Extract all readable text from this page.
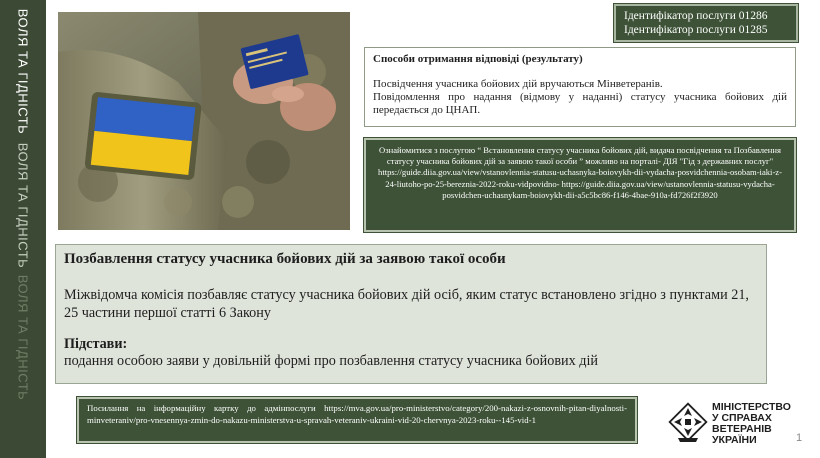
ВОЛЯ ТА ГІДНІСТЬ
ВОЛЯ ТА ГІДНІСТЬ
ВОЛЯ ТА ГІДНІСТЬ
Ідентифікатор послуги 01286
Ідентифікатор послуги 01285
Способи отримання відповіді (результату)

Посвідчення учасника бойових дій вручаються Мінветеранів.

Повідомлення про надання (відмову у наданні) статусу учасника бойових дій передається до ЦНАП.

Ознайомитися з послугою “ Встановлення статусу учасника бойових дій, видача посвідчення та Позбавлення статусу учасника бойових дій за заявою такої особи ” можливо на порталі- ДІЯ "Гід з державних послуг" https://guide.diia.gov.ua/view/vstanovlennia-statusu-uchasnyka-boiovykh-dii-vydacha-posvidchennia-osobam-iaki-z-24-liutoho-po-25-bereznia-2022-roku-vidpovidno- https://guide.diia.gov.ua/view/ustanovlennia-statusu-vydacha-posvidchen-uchasnykam-boiovykh-dii-a5c5bc86-f146-4bae-910a-fd726f2f3920
Позбавлення статусу учасника бойових дій за заявою такої особи
Міжвідомча комісія позбавляє статусу учасника бойових дій осіб, яким статус встановлено згідно з пунктами 21, 25 частини першої статті 6 Закону
Підстави:
подання особою заяви у довільній формі про позбавлення статусу учасника бойових дій
Посилання на інформаційну картку до адмінпослуги https://mva.gov.ua/pro-ministerstvo/category/200-nakazi-z-osnovnih-pitan-diyalnosti-minveteraniv/pro-vnesennya-zmin-do-nakazu-ministerstva-u-spravah-veteraniv-ukraini-vid-20-chervnya-2023-roku--145-vid-1
МІНІСТЕРСТВО
У СПРАВАХ
ВЕТЕРАНІВ
УКРАЇНИ	1
